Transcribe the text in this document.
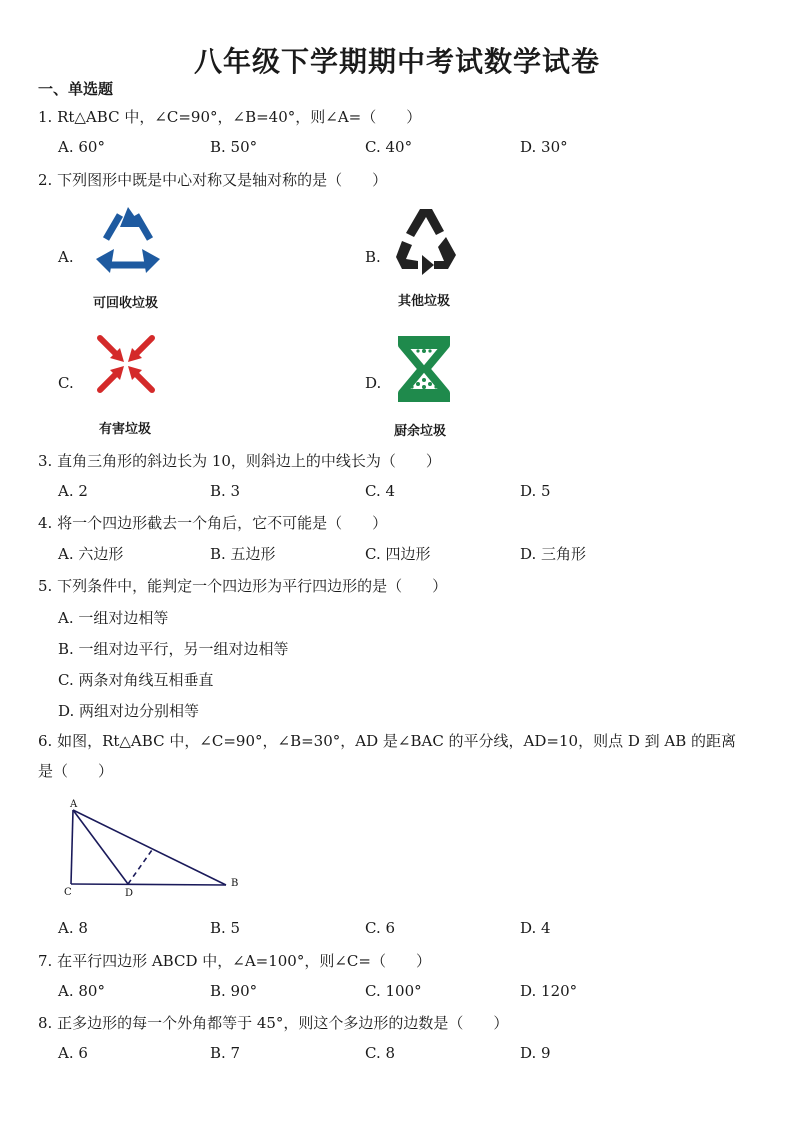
八年级下学期期中考试数学试卷
一、单选题
1. Rt△ABC 中，∠C=90°，∠B=40°，则∠A=（　　）
A. 60°	B. 50°	C. 40°	D. 30°
2. 下列图形中既是中心对称又是轴对称的是（　　）
A.
可回收垃圾
B.
其他垃圾
C.
有害垃圾
D.
厨余垃圾
3. 直角三角形的斜边长为 10，则斜边上的中线长为（　　）
A. 2	B. 3	C. 4	D. 5
4. 将一个四边形截去一个角后，它不可能是（　　）
A. 六边形	B. 五边形	C. 四边形	D. 三角形
5. 下列条件中，能判定一个四边形为平行四边形的是（　　）
A. 一组对边相等
B. 一组对边平行，另一组对边相等
C. 两条对角线互相垂直
D. 两组对边分别相等
6. 如图，Rt△ABC 中，∠C=90°，∠B=30°，AD 是∠BAC 的平分线，AD=10，则点 D 到 AB 的距离是（　　）
A
C	D
B
A. 8	B. 5	C. 6	D. 4
7. 在平行四边形 ABCD 中，∠A=100°，则∠C=（　　）
A. 80°	B. 90°	C. 100°	D. 120°
8. 正多边形的每一个外角都等于 45°，则这个多边形的边数是（　　）
A. 6	B. 7	C. 8	D. 9
